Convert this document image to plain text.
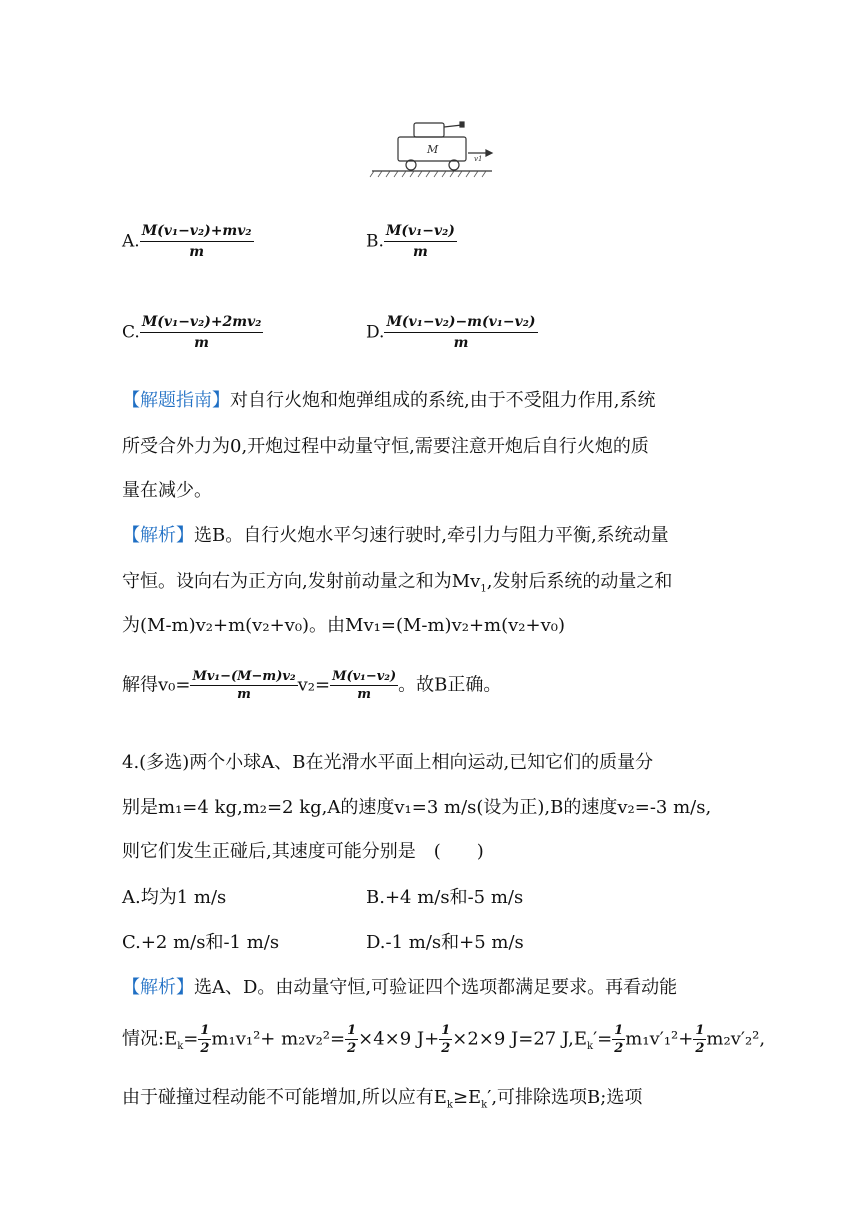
M
v1
A. $\frac{\text{M(v₁−v₂)+mv₂}}{m}$	B. $\frac{\text{M(v₁−v₂)}}{m}$
C. $\frac{\text{M(v₁−v₂)+2mv₂}}{m}$	D. $\frac{\text{M(v₁−v₂)−m(v₁−v₂)}}{m}$
【解题指南】对自行火炮和炮弹组成的系统,由于不受阻力作用,系统
所受合外力为0,开炮过程中动量守恒,需要注意开炮后自行火炮的质
量在减少。
【解析】选B。自行火炮水平匀速行驶时,牵引力与阻力平衡,系统动量
守恒。设向右为正方向,发射前动量之和为$Mv_1$,发射后系统的动量之和
为(M-m)v₂+m(v₂+v₀)。由Mv₁=(M-m)v₂+m(v₂+v₀)
解得$v_0= \frac{\text{Mv₁−(M−m)v₂}}{m} v_2= \frac{\text{M(v₁−v₂)}}{m}$ 。故B正确。
4.(多选)两个小球A、B在光滑水平面上相向运动,已知它们的质量分
别是m₁=4 kg,m₂=2 kg,A的速度v₁=3 m/s(设为正),B的速度v₂=-3 m/s,
则它们发生正碰后,其速度可能分别是　(　　)
A.均为1 m/s	B.+4 m/s和-5 m/s
C.+2 m/s和-1 m/s	D.-1 m/s和+5 m/s
【解析】选A、D。由动量守恒,可验证四个选项都满足要求。再看动能
情况$:E_k= \frac{1}{2} m_1v_1^2+ m_2v_2^2= \frac{1}{2} \times 4\times 9$ $J+ \frac{1}{2} \times 2\times 9$ J=27 $J,E_k'= \frac{1}{2} m_1v'_1^2+ \frac{1}{2} m_2v'_2^2$,
由于碰撞过程动能不可能增加,所以应有$E_k\ge E_k'$,可排除选项B;选项
